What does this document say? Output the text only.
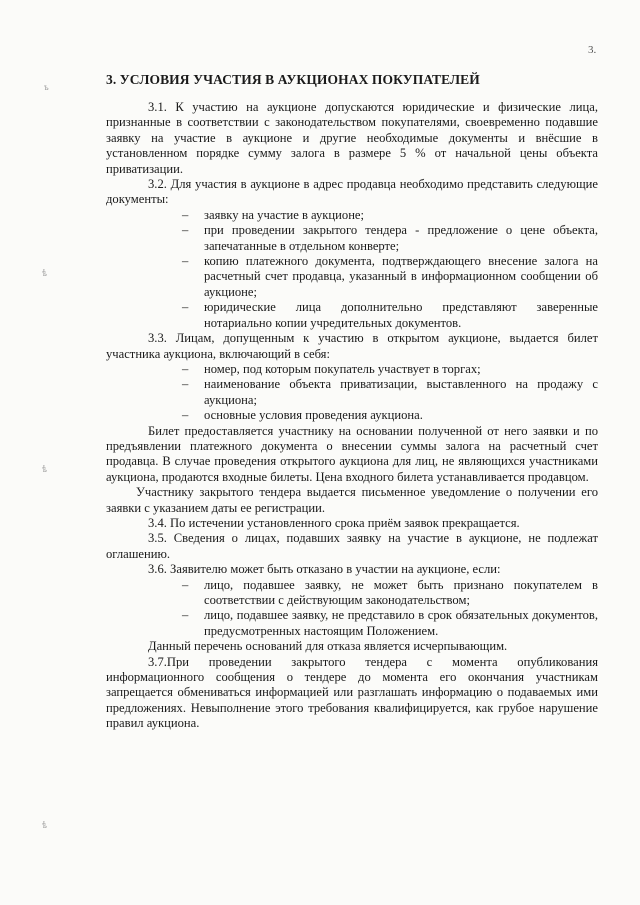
ъ
ѣ
ѣ
ѣ
3.
3. УСЛОВИЯ УЧАСТИЯ В АУКЦИОНАХ ПОКУПАТЕЛЕЙ

3.1. К участию на аукционе допускаются юридические и физические лица, признанные в соответствии с законодательством покупателями, своевременно подавшие заявку на участие в аукционе и другие необходимые документы и внёсшие в установленном порядке сумму залога в размере 5 % от начальной цены объекта приватизации.

3.2. Для участия в аукционе в адрес продавца необходимо представить следующие документы:

– заявку на участие в аукционе;
– при проведении закрытого тендера - предложение о цене объекта, запечатанные в отдельном конверте;
– копию платежного документа, подтверждающего внесение залога на расчетный счет продавца, указанный в информационном сообщении об аукционе;
– юридические лица дополнительно представляют заверенные нотариально копии учредительных документов.

3.3. Лицам, допущенным к участию в открытом аукционе, выдается билет участника аукциона, включающий в себя:

– номер, под которым покупатель участвует в торгах;
– наименование объекта приватизации, выставленного на продажу с аукциона;
– основные условия проведения аукциона.

Билет предоставляется участнику на основании полученной от него заявки и по предъявлении платежного документа о внесении суммы залога на расчетный счет продавца. В случае проведения открытого аукциона для лиц, не являющихся участниками аукциона, продаются входные билеты. Цена входного билета устанавливается продавцом.

Участнику закрытого тендера выдается письменное уведомление о получении его заявки с указанием даты ее регистрации.

3.4. По истечении установленного срока приём заявок прекращается.

3.5. Сведения о лицах, подавших заявку на участие в аукционе, не подлежат оглашению.

3.6. Заявителю может быть отказано в участии на аукционе, если:

– лицо, подавшее заявку, не может быть признано покупателем в соответствии с действующим законодательством;
– лицо, подавшее заявку, не представило в срок обязательных документов, предусмотренных настоящим Положением.

Данный перечень оснований для отказа является исчерпывающим.

3.7.При проведении закрытого тендера с момента опубликования информационного сообщения о тендере до момента его окончания участникам запрещается обмениваться информацией или разглашать информацию о подаваемых ими предложениях. Невыполнение этого требования квалифицируется, как грубое нарушение правил аукциона.
